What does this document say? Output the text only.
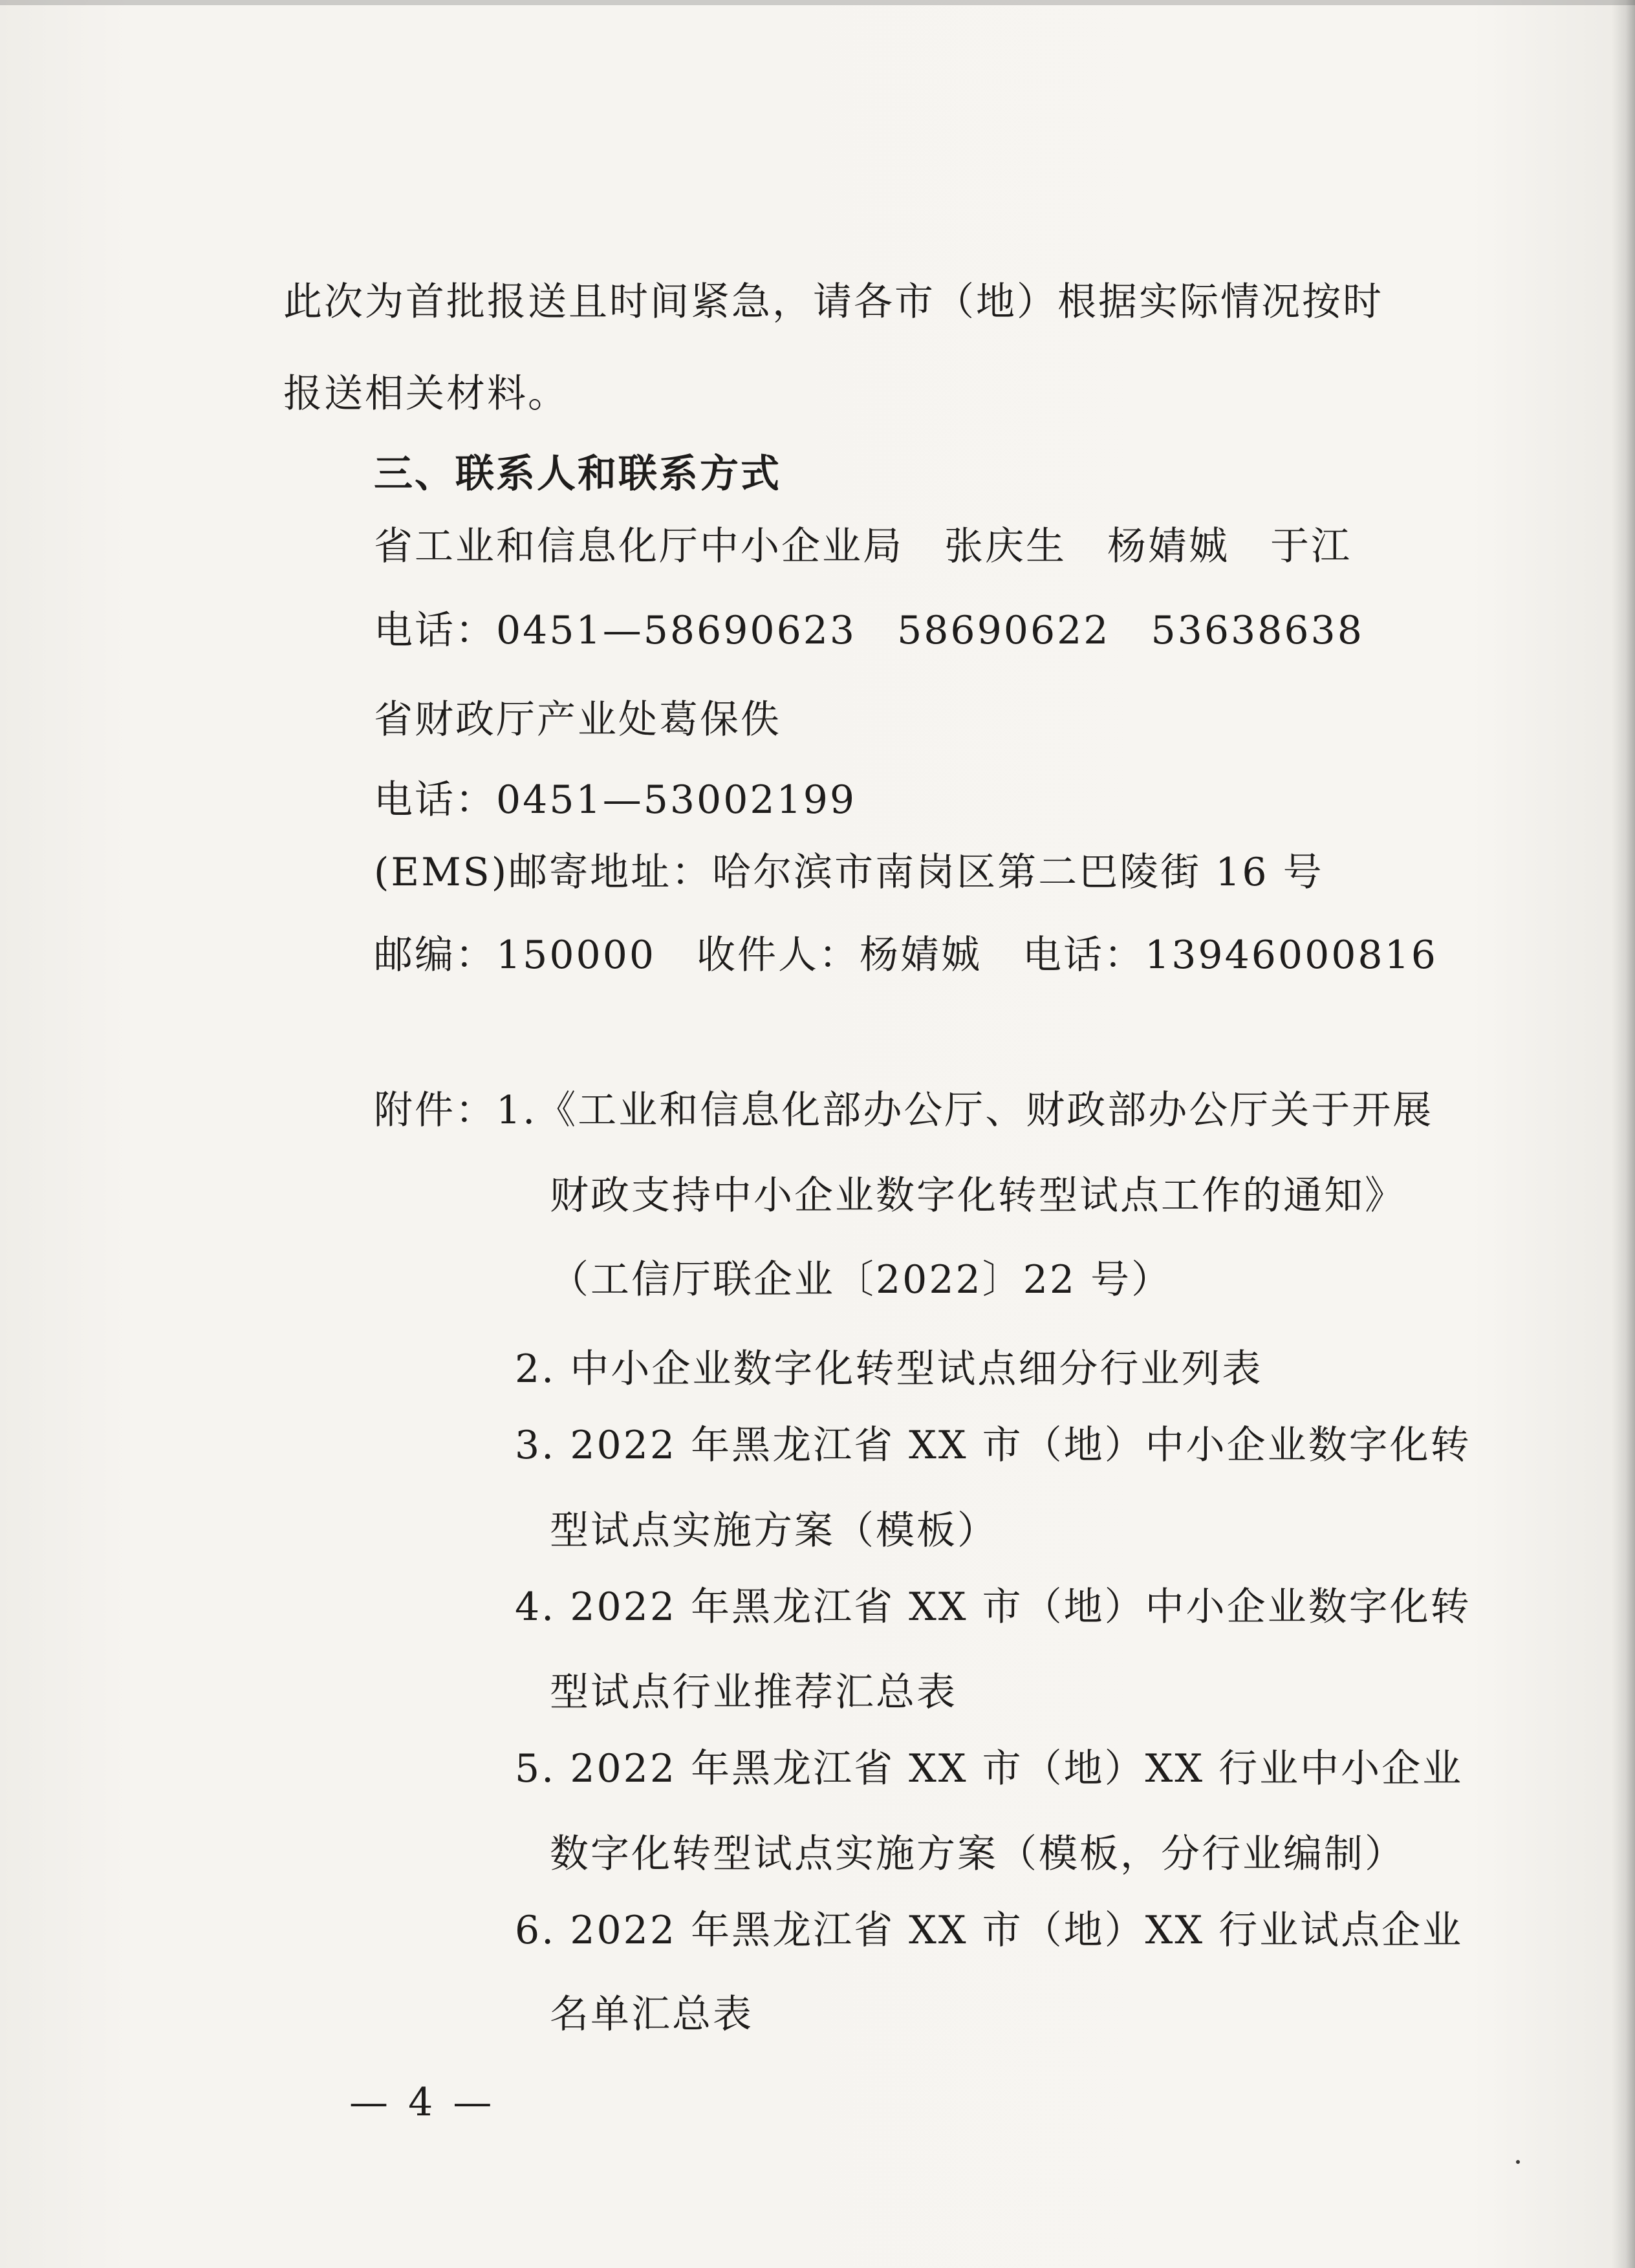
此次为首批报送且时间紧急，请各市（地）根据实际情况按时
报送相关材料。
三、联系人和联系方式
省工业和信息化厅中小企业局　张庆生　杨婧娍　于江
电话：0451—58690623　58690622　53638638
省财政厅产业处葛保佚
电话：0451—53002199
(EMS)邮寄地址：哈尔滨市南岗区第二巴陵街 16 号
邮编：150000　收件人：杨婧娍　电话：13946000816
附件：1.《工业和信息化部办公厅、财政部办公厅关于开展
财政支持中小企业数字化转型试点工作的通知》
（工信厅联企业〔2022〕22 号）
2. 中小企业数字化转型试点细分行业列表
3. 2022 年黑龙江省 XX 市（地）中小企业数字化转
型试点实施方案（模板）
4. 2022 年黑龙江省 XX 市（地）中小企业数字化转
型试点行业推荐汇总表
5. 2022 年黑龙江省 XX 市（地）XX 行业中小企业
数字化转型试点实施方案（模板，分行业编制）
6. 2022 年黑龙江省 XX 市（地）XX 行业试点企业
名单汇总表
— 4 —
